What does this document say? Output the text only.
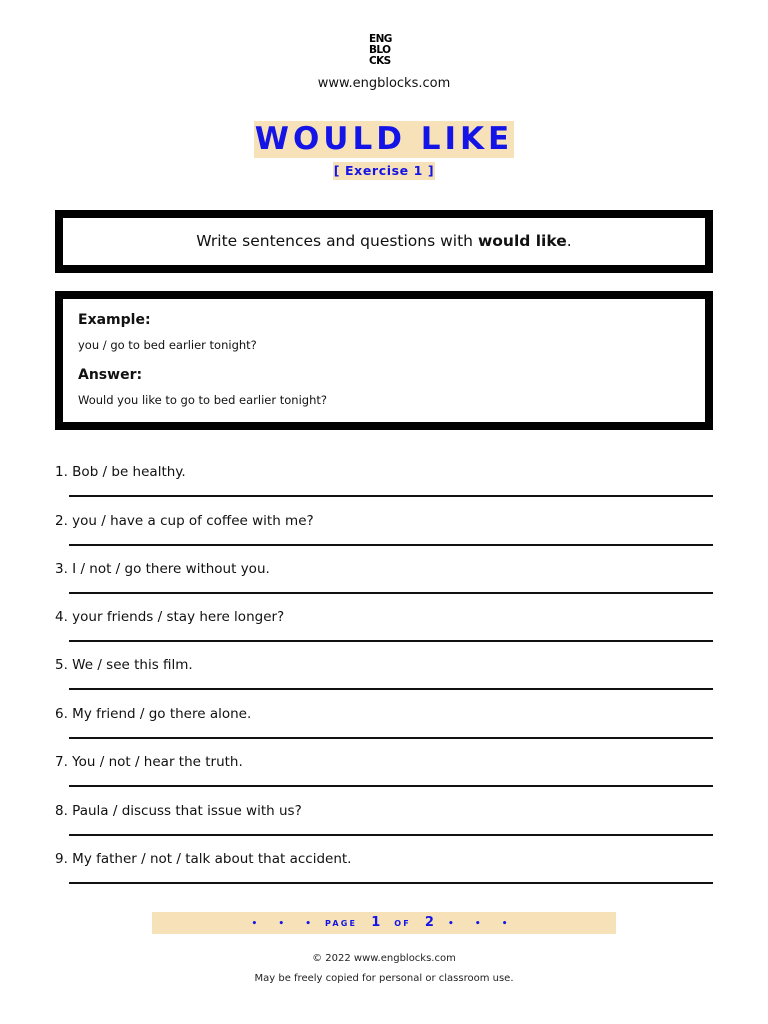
ENG
BLO
CKS
www.engblocks.com
WOULD LIKE
[ Exercise 1 ]
Write sentences and questions with would like.
Example:
you / go to bed earlier tonight?
Answer:
Would you like to go to bed earlier tonight?
1. Bob / be healthy.
2. you / have a cup of coffee with me?
3. I / not / go there without you.
4. your friends / stay here longer?
5. We / see this film.
6. My friend / go there alone.
7. You / not / hear the truth.
8. Paula / discuss that issue with us?
9. My father / not / talk about that accident.
• • • PAGE 1 OF 2 • • •
© 2022 www.engblocks.com
May be freely copied for personal or classroom use.
